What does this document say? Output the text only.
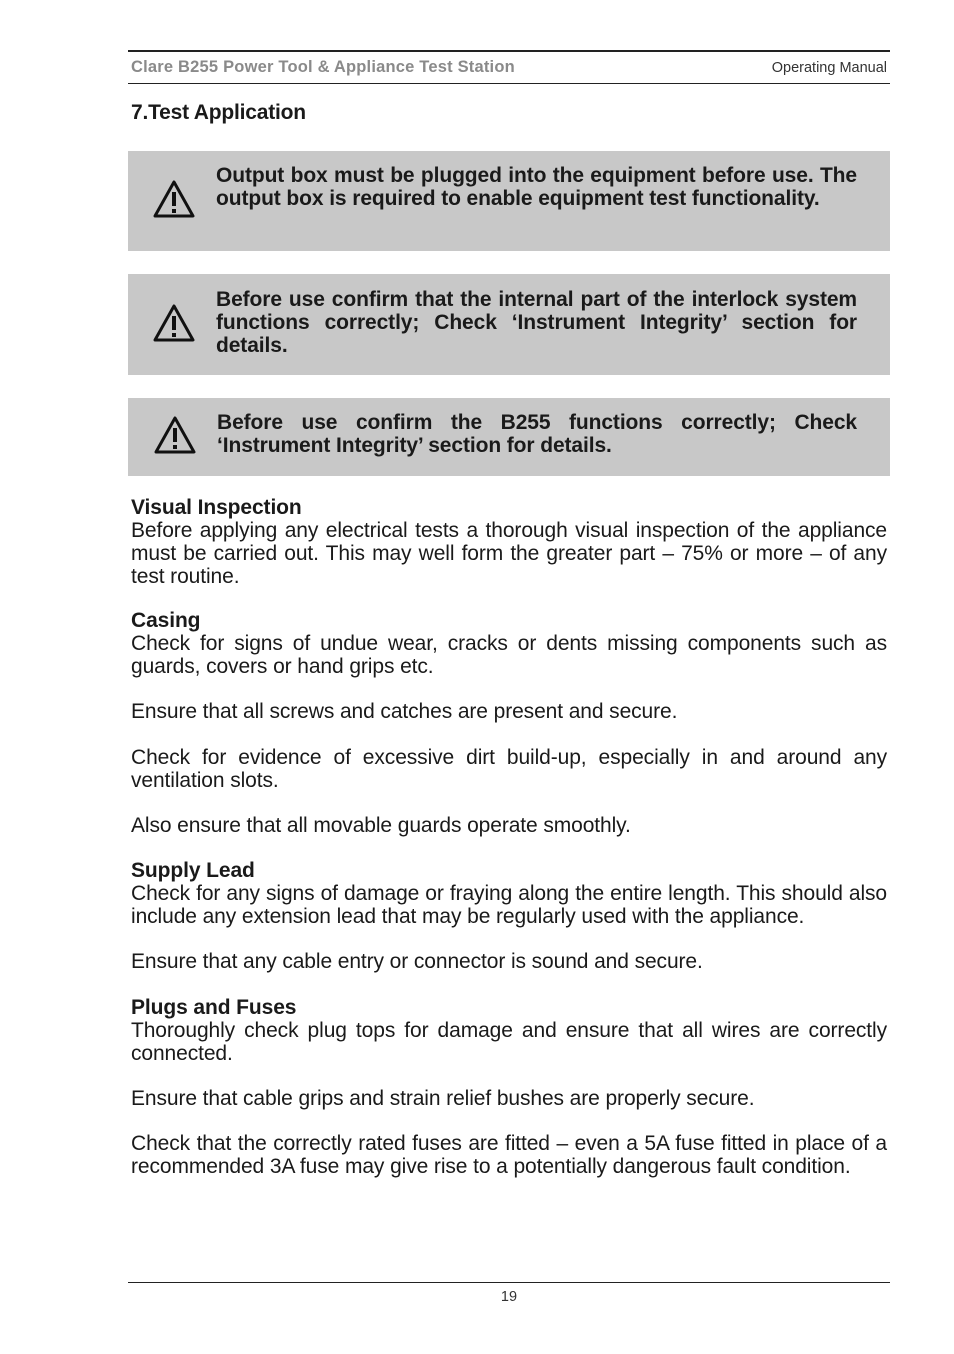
Clare B255 Power Tool & Appliance Test Station	Operating Manual
7.Test Application
Output box must be plugged into the equipment before use. The output box is required to enable equipment test functionality.
Before use confirm that the internal part of the interlock system functions correctly; Check ‘Instrument Integrity’ section for details.
Before use confirm the B255 functions correctly; Check ‘Instrument Integrity’ section for details.
Visual Inspection
Before applying any electrical tests a thorough visual inspection of the appliance must be carried out. This may well form the greater part – 75% or more – of any test routine.
Casing
Check for signs of undue wear, cracks or dents missing components such as guards, covers or hand grips etc.
Ensure that all screws and catches are present and secure.
Check for evidence of excessive dirt build-up, especially in and around any ventilation slots.
Also ensure that all movable guards operate smoothly.
Supply Lead
Check for any signs of damage or fraying along the entire length. This should also include any extension lead that may be regularly used with the appliance.
Ensure that any cable entry or connector is sound and secure.
Plugs and Fuses
Thoroughly check plug tops for damage and ensure that all wires are correctly connected.
Ensure that cable grips and strain relief bushes are properly secure.
Check that the correctly rated fuses are fitted – even a 5A fuse fitted in place of a recommended 3A fuse may give rise to a potentially dangerous fault condition.
19
